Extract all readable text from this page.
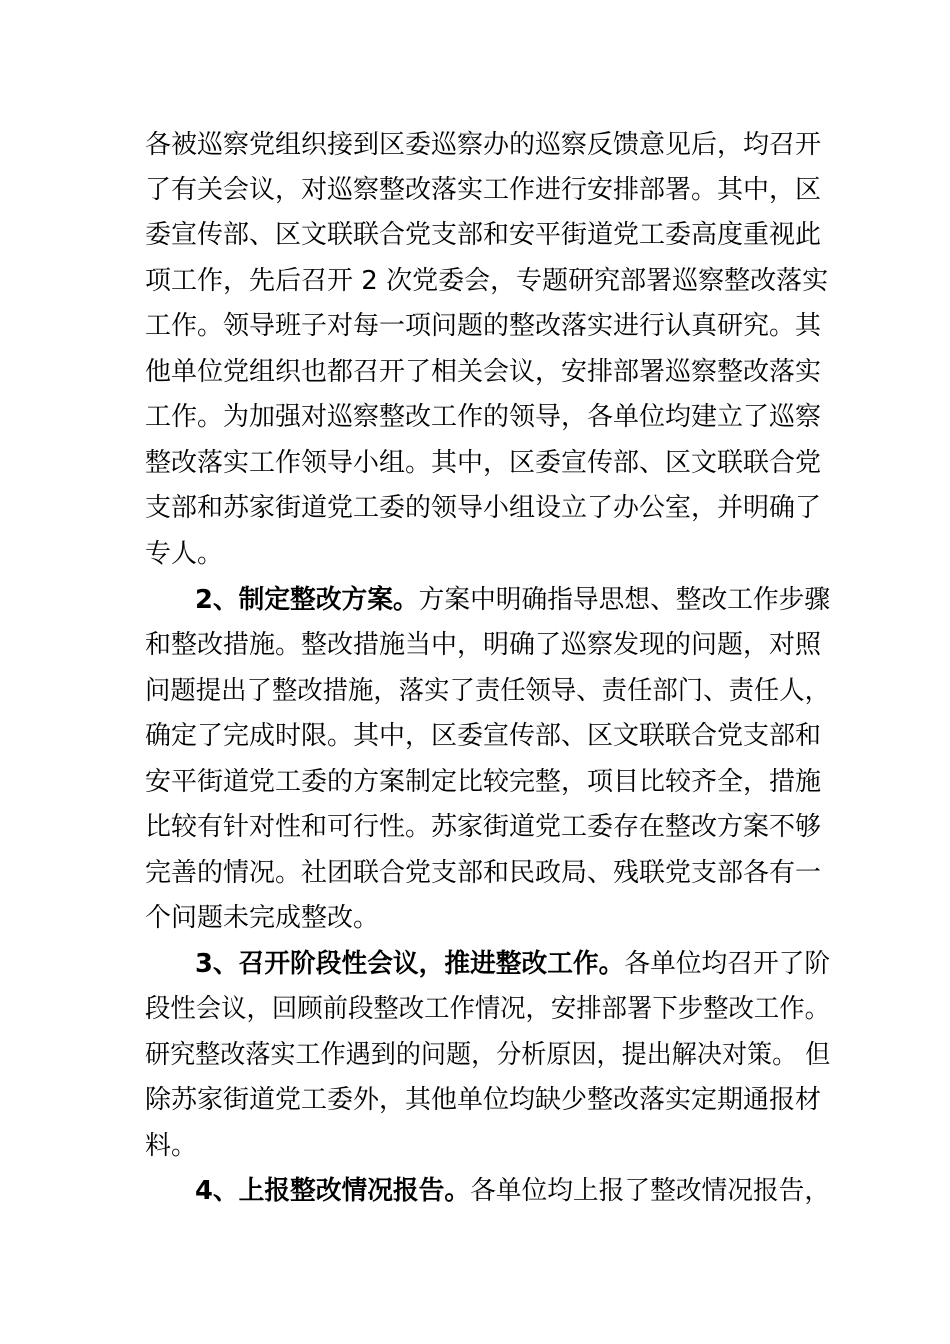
各被巡察党组织接到区委巡察办的巡察反馈意见后，均召开
了有关会议，对巡察整改落实工作进行安排部署。其中，区
委宣传部、区文联联合党支部和安平街道党工委高度重视此
项工作，先后召开 2 次党委会，专题研究部署巡察整改落实
工作。领导班子对每一项问题的整改落实进行认真研究。其
他单位党组织也都召开了相关会议，安排部署巡察整改落实
工作。为加强对巡察整改工作的领导，各单位均建立了巡察
整改落实工作领导小组。其中，区委宣传部、区文联联合党
支部和苏家街道党工委的领导小组设立了办公室，并明确了
专人。
2、制定整改方案。方案中明确指导思想、整改工作步骤
和整改措施。整改措施当中，明确了巡察发现的问题，对照
问题提出了整改措施，落实了责任领导、责任部门、责任人，
确定了完成时限。其中，区委宣传部、区文联联合党支部和
安平街道党工委的方案制定比较完整，项目比较齐全，措施
比较有针对性和可行性。苏家街道党工委存在整改方案不够
完善的情况。社团联合党支部和民政局、残联党支部各有一
个问题未完成整改。
3、召开阶段性会议，推进整改工作。各单位均召开了阶
段性会议，回顾前段整改工作情况，安排部署下步整改工作。
研究整改落实工作遇到的问题，分析原因，提出解决对策。 但
除苏家街道党工委外，其他单位均缺少整改落实定期通报材
料。
4、上报整改情况报告。各单位均上报了整改情况报告，
